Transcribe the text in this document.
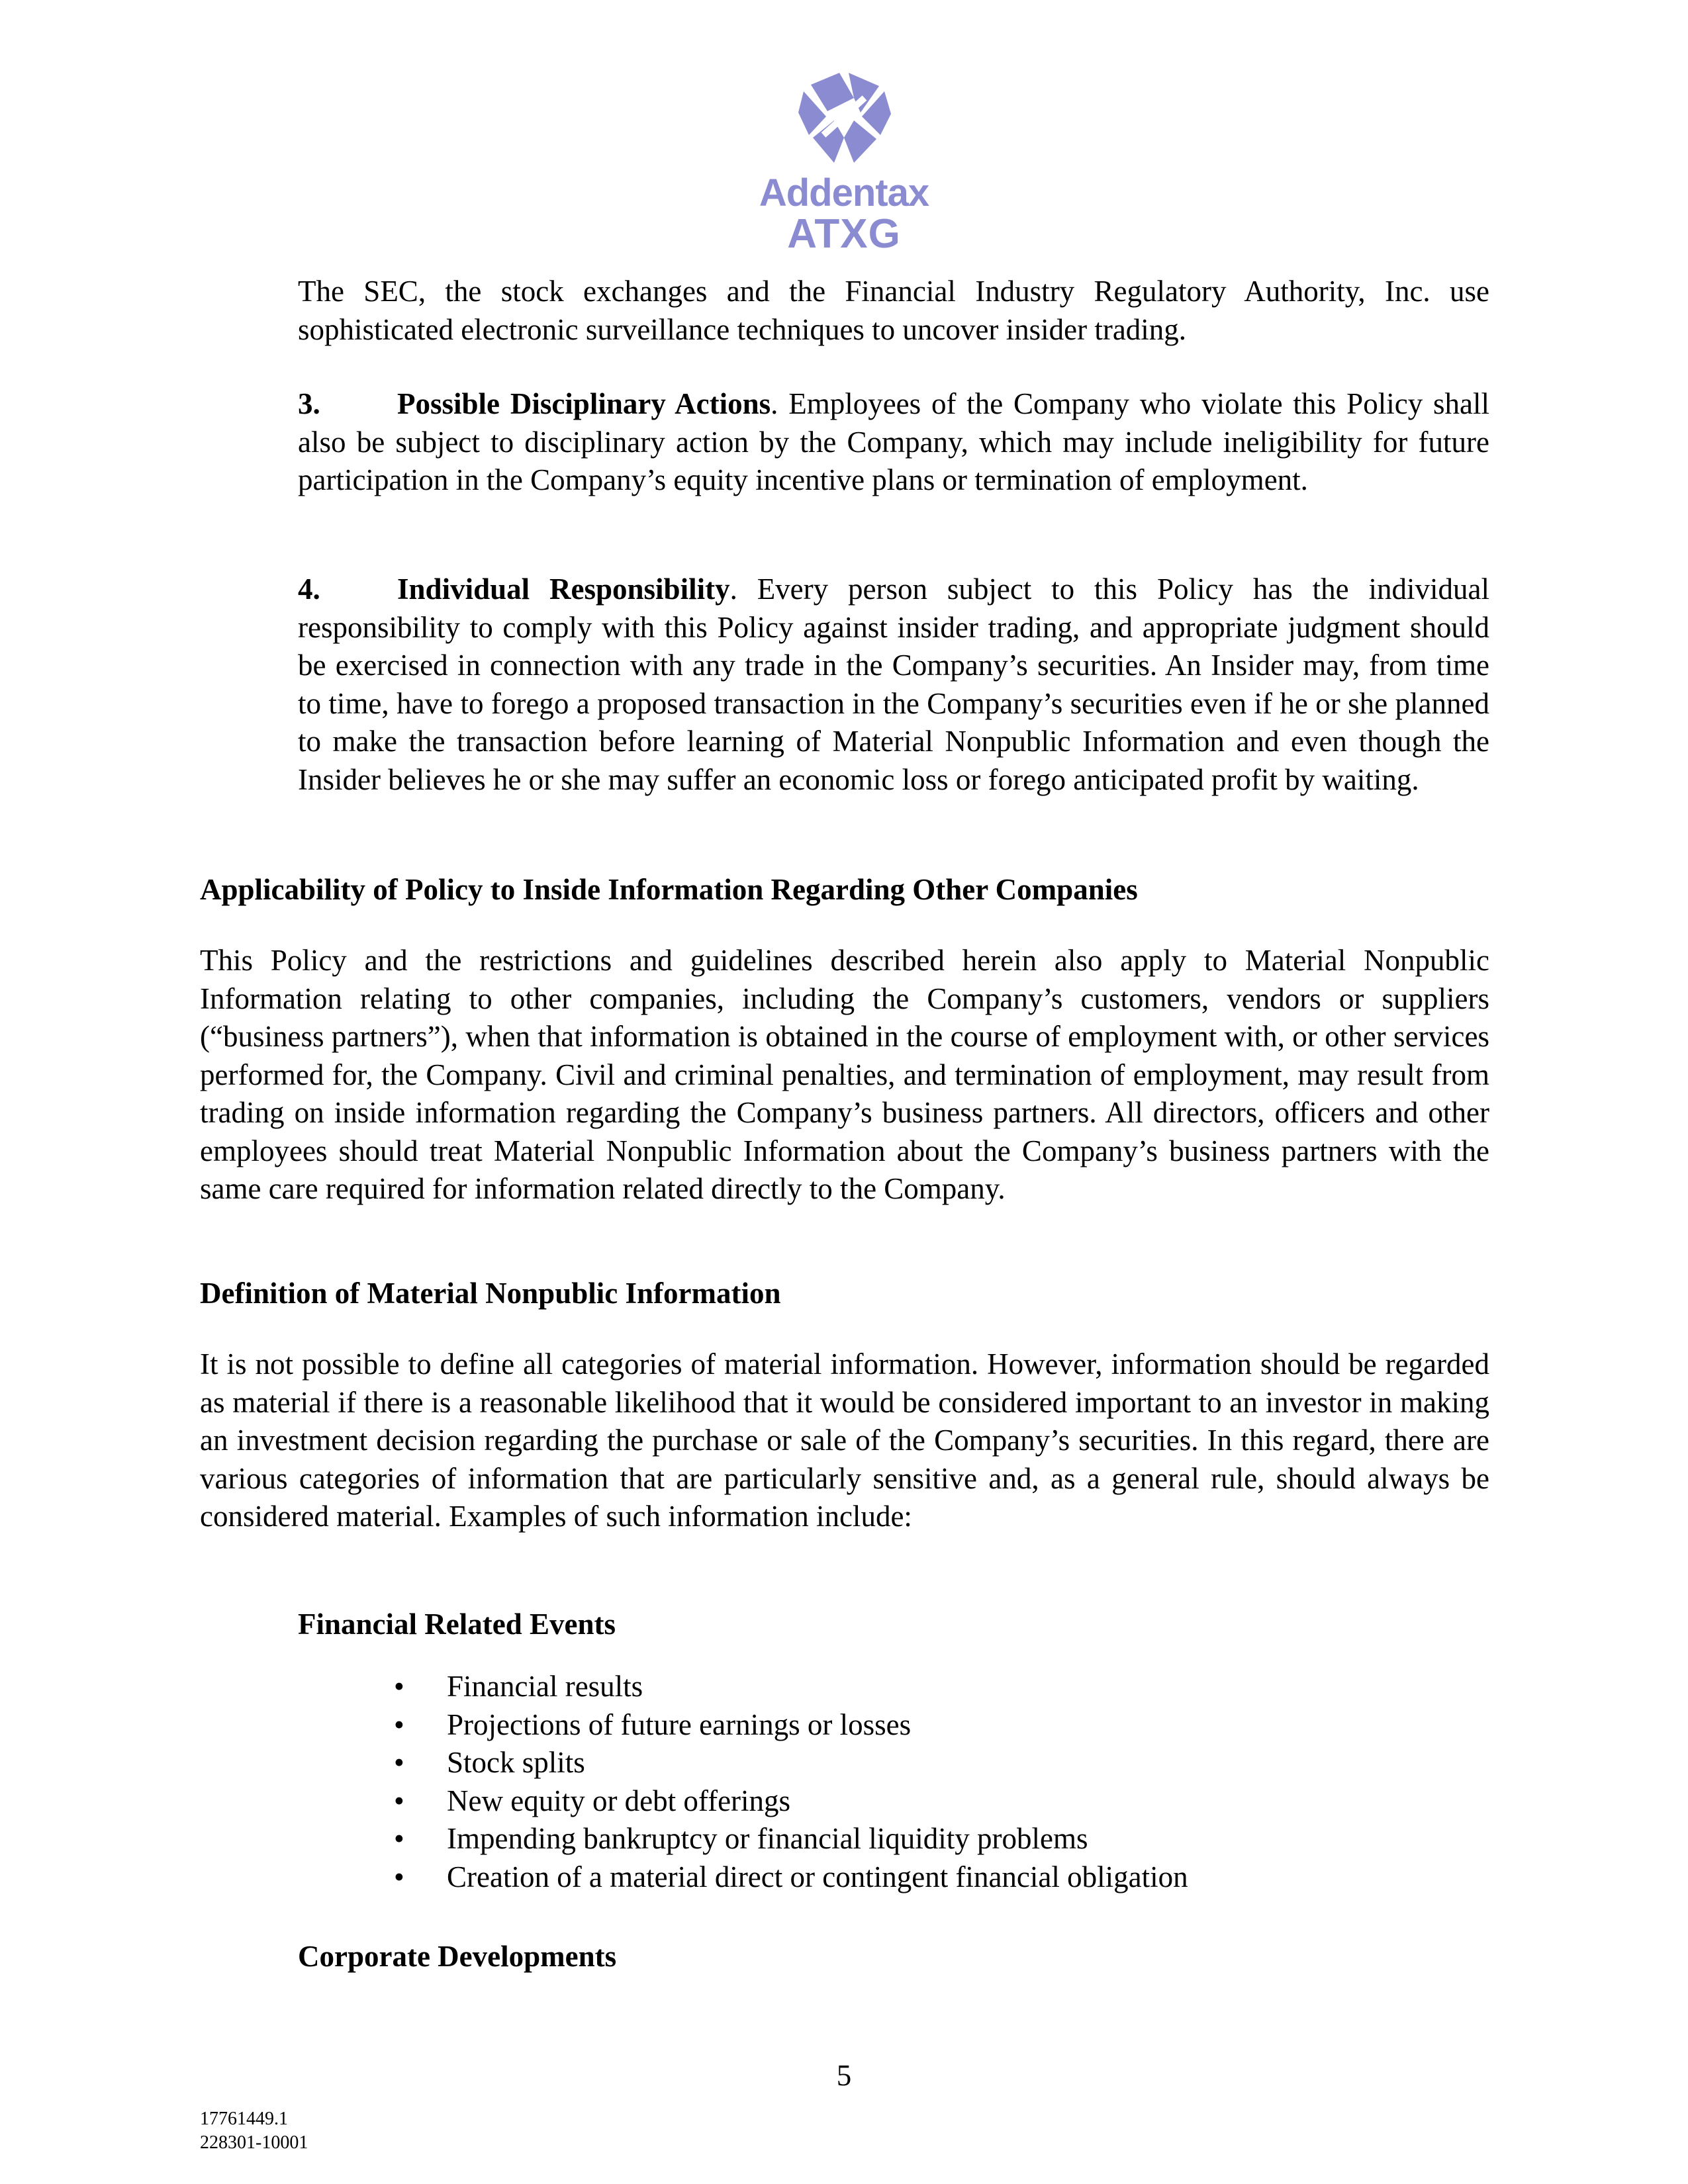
Addentax
ATXG

The SEC, the stock exchanges and the Financial Industry Regulatory Authority, Inc. use sophisticated electronic surveillance techniques to uncover insider trading.

3.	Possible Disciplinary Actions. Employees of the Company who violate this Policy shall also be subject to disciplinary action by the Company, which may include ineligibility for future participation in the Company’s equity incentive plans or termination of employment.

4.	Individual Responsibility. Every person subject to this Policy has the individual responsibility to comply with this Policy against insider trading, and appropriate judgment should be exercised in connection with any trade in the Company’s securities. An Insider may, from time to time, have to forego a proposed transaction in the Company’s securities even if he or she planned to make the transaction before learning of Material Nonpublic Information and even though the Insider believes he or she may suffer an economic loss or forego anticipated profit by waiting.

Applicability of Policy to Inside Information Regarding Other Companies

This Policy and the restrictions and guidelines described herein also apply to Material Nonpublic Information relating to other companies, including the Company’s customers, vendors or suppliers (“business partners”), when that information is obtained in the course of employment with, or other services performed for, the Company. Civil and criminal penalties, and termination of employment, may result from trading on inside information regarding the Company’s business partners. All directors, officers and other employees should treat Material Nonpublic Information about the Company’s business partners with the same care required for information related directly to the Company.

Definition of Material Nonpublic Information

It is not possible to define all categories of material information. However, information should be regarded as material if there is a reasonable likelihood that it would be considered important to an investor in making an investment decision regarding the purchase or sale of the Company’s securities. In this regard, there are various categories of information that are particularly sensitive and, as a general rule, should always be considered material. Examples of such information include:

Financial Related Events
• Financial results
• Projections of future earnings or losses
• Stock splits
• New equity or debt offerings
• Impending bankruptcy or financial liquidity problems
• Creation of a material direct or contingent financial obligation
Corporate Developments
5
17761449.1
228301-10001
